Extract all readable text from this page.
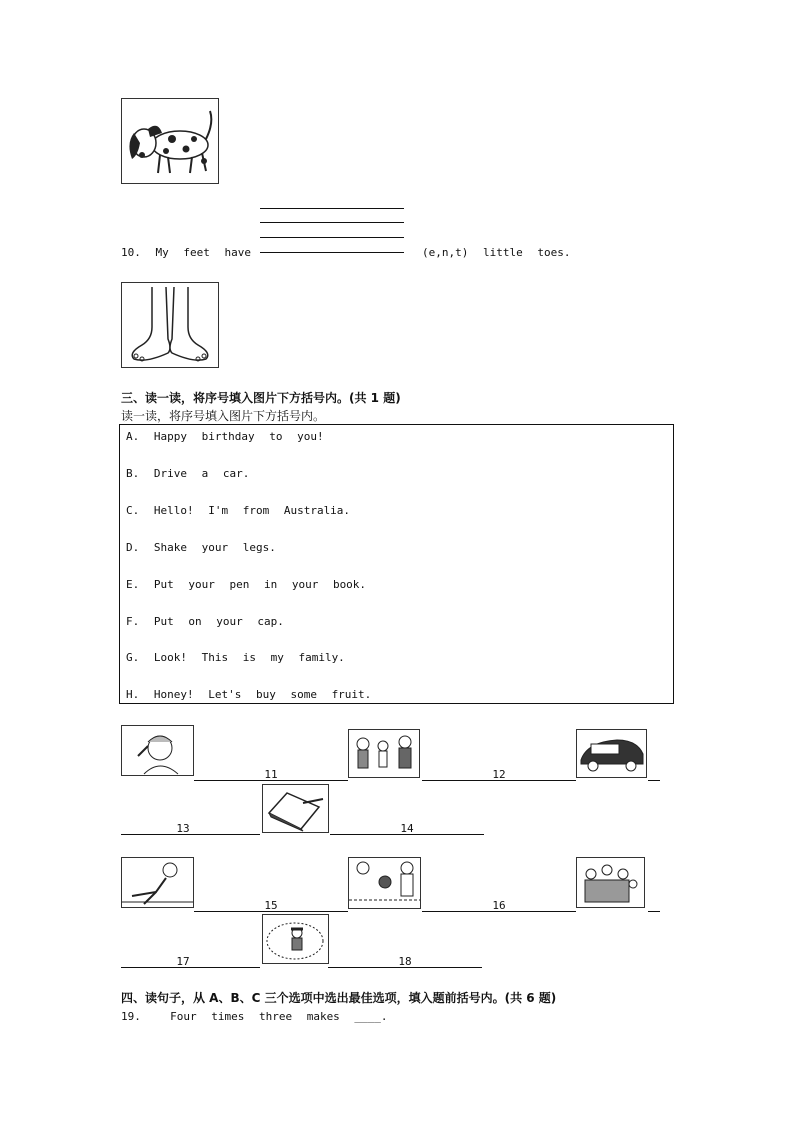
10. My feet have	(e,n,t) little toes.
三、读一读，将序号填入图片下方括号内。(共 1 题)
读一读，将序号填入图片下方括号内。
A. Happy birthday to you!
B. Drive a car.
C. Hello! I'm from Australia.
D. Shake your legs.
E. Put your pen in your book.
F. Put on your cap.
G. Look! This is my family.
H. Honey! Let's buy some fruit.
11	12
13	14
15	16
17	18
四、读句子，从 A、B、C 三个选项中选出最佳选项，填入题前括号内。(共 6 题)
19.  Four times three makes ____.
